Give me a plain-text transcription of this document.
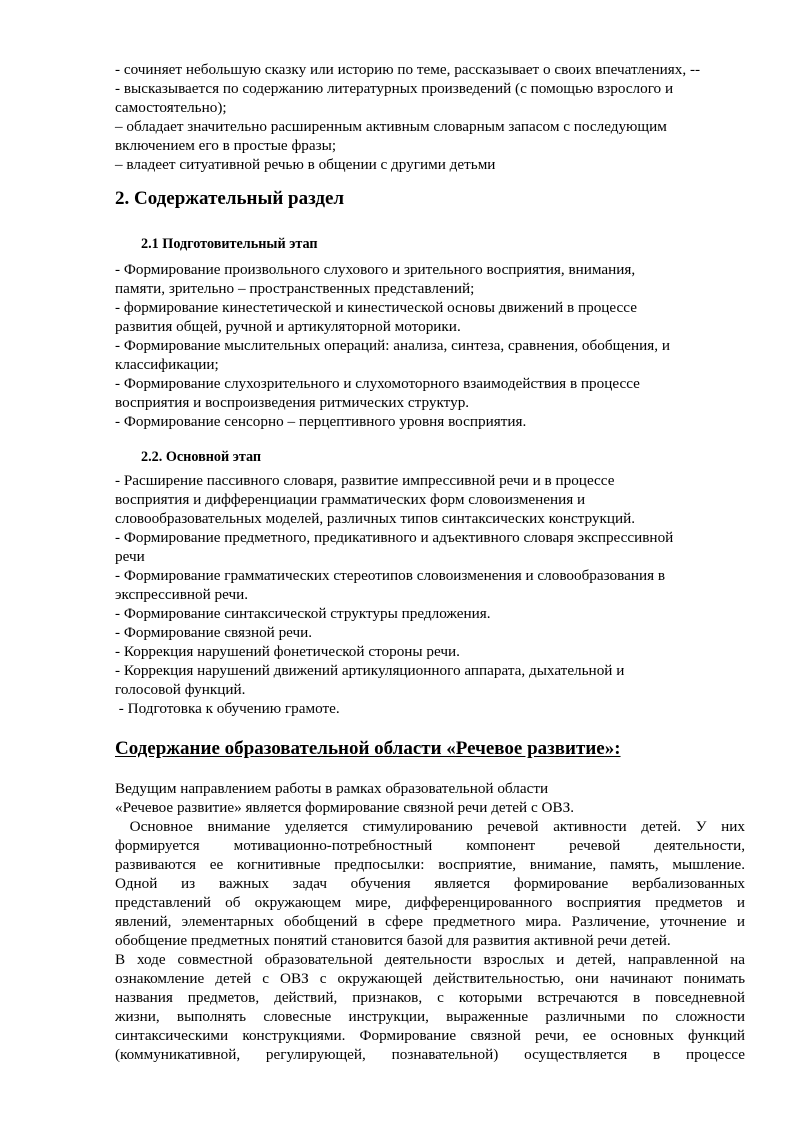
- сочиняет небольшую сказку или историю по теме, рассказывает о своих впечатлениях, --
- высказывается по содержанию литературных произведений (с помощью взрослого и
самостоятельно);
– обладает значительно расширенным активным словарным запасом с последующим
включением его в простые фразы;
– владеет ситуативной речью в общении с другими детьми
2. Содержательный раздел
2.1 Подготовительный этап
- Формирование произвольного слухового и зрительного восприятия, внимания,
памяти, зрительно – пространственных представлений;
- формирование кинестетической и кинестической основы движений в процессе
развития общей, ручной и артикуляторной моторики.
- Формирование мыслительных операций: анализа, синтеза, сравнения, обобщения, и
классификации;
- Формирование слухозрительного и слухомоторного взаимодействия в процессе
восприятия и воспроизведения ритмических структур.
- Формирование сенсорно – перцептивного уровня восприятия.
2.2. Основной этап
- Расширение пассивного словаря, развитие импрессивной речи и в процессе
восприятия и дифференциации грамматических форм словоизменения и
словообразовательных моделей, различных типов синтаксических конструкций.
- Формирование предметного, предикативного и адъективного словаря экспрессивной
речи
- Формирование грамматических стереотипов словоизменения и словообразования в
экспрессивной речи.
- Формирование синтаксической структуры предложения.
- Формирование связной речи.
- Коррекция нарушений фонетической стороны речи.
- Коррекция нарушений движений артикуляционного аппарата, дыхательной и
голосовой функций.
- Подготовка к обучению грамоте.
Содержание образовательной области «Речевое развитие»:
Ведущим направлением работы в рамках образовательной области
«Речевое развитие» является формирование связной речи детей с ОВЗ.
Основное внимание уделяется стимулированию речевой активности детей. У них
формируется мотивационно-потребностный компонент речевой деятельности,
развиваются ее когнитивные предпосылки: восприятие, внимание, память, мышление.
Одной из важных задач обучения является формирование вербализованных
представлений об окружающем мире, дифференцированного восприятия предметов и
явлений, элементарных обобщений в сфере предметного мира. Различение, уточнение и
обобщение предметных понятий становится базой для развития активной речи детей.
В ходе совместной образовательной деятельности взрослых и детей, направленной на
ознакомление детей с ОВЗ с окружающей действительностью, они начинают понимать
названия предметов, действий, признаков, с которыми встречаются в повседневной
жизни, выполнять словесные инструкции, выраженные различными по сложности
синтаксическими конструкциями. Формирование связной речи, ее основных функций
(коммуникативной, регулирующей, познавательной) осуществляется в процессе
